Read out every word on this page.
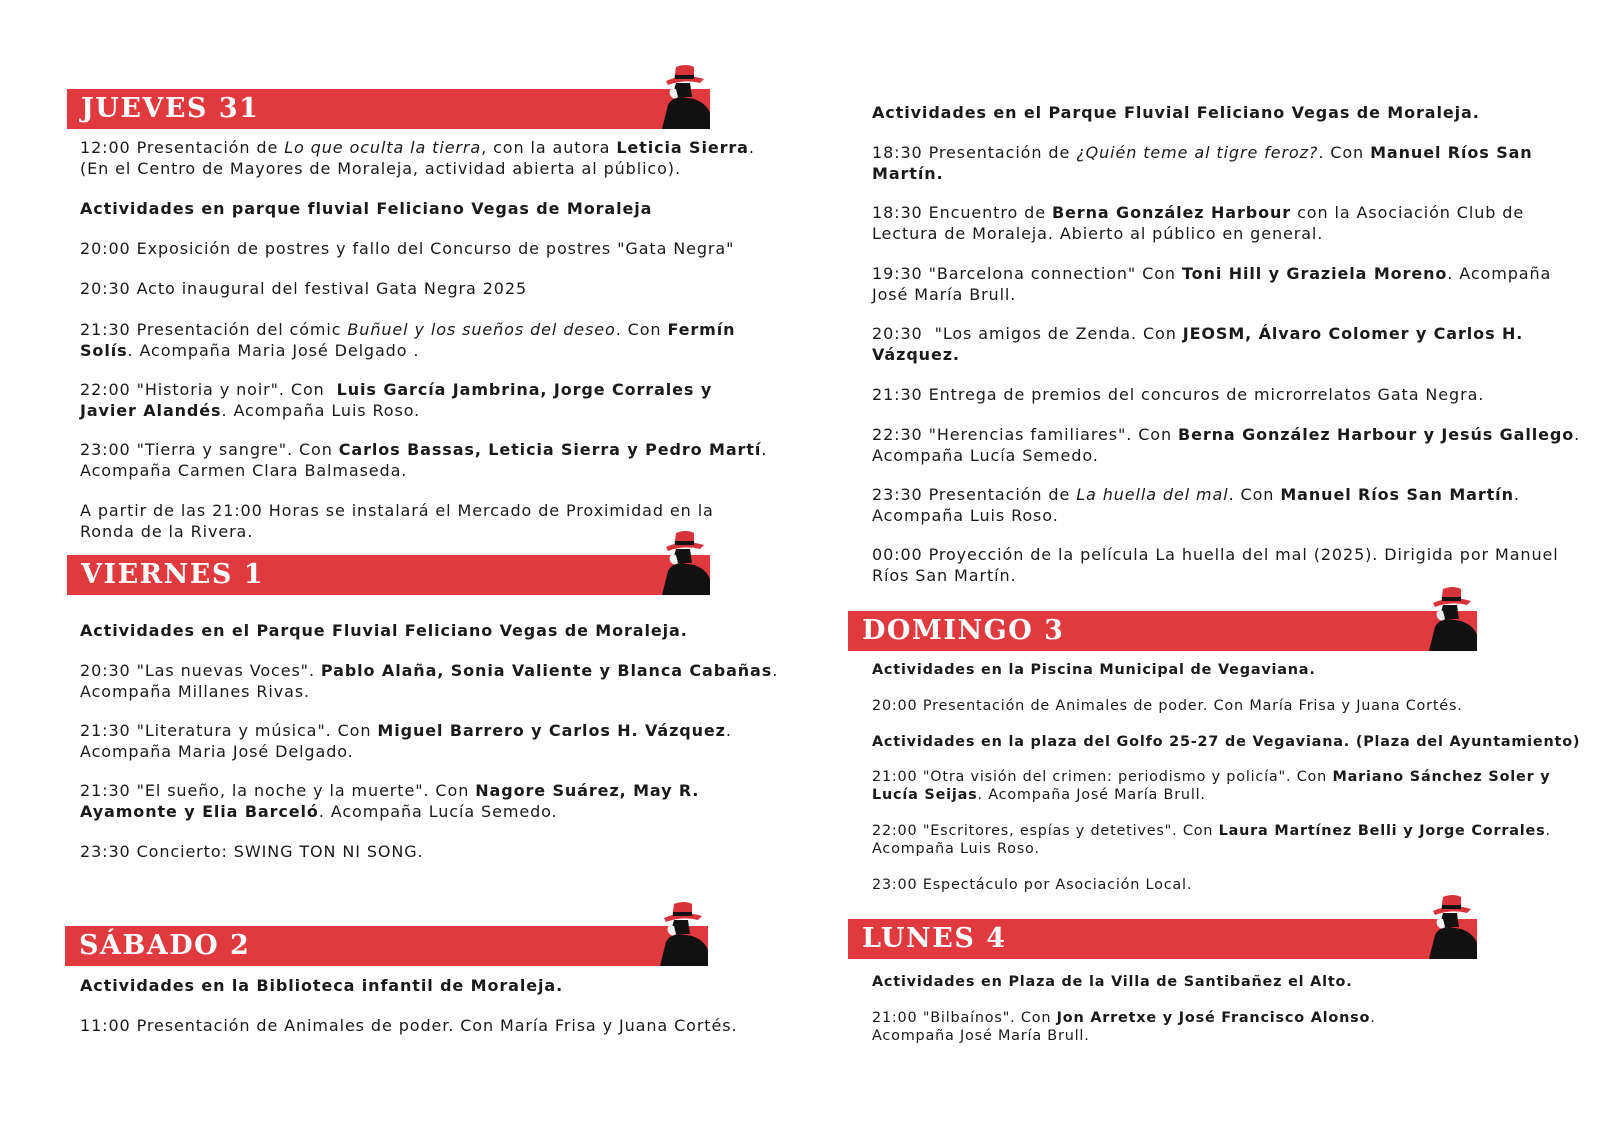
JUEVES 31

12:00 Presentación de Lo que oculta la tierra, con la autora Leticia Sierra.
(En el Centro de Mayores de Moraleja, actividad abierta al público).

Actividades en parque fluvial Feliciano Vegas de Moraleja

20:00 Exposición de postres y fallo del Concurso de postres "Gata Negra"

20:30 Acto inaugural del festival Gata Negra 2025

21:30 Presentación del cómic Buñuel y los sueños del deseo. Con Fermín
Solís. Acompaña Maria José Delgado .

22:00 "Historia y noir". Con  Luis García Jambrina, Jorge Corrales y
Javier Alandés. Acompaña Luis Roso.

23:00 "Tierra y sangre". Con Carlos Bassas, Leticia Sierra y Pedro Martí.
Acompaña Carmen Clara Balmaseda.

A partir de las 21:00 Horas se instalará el Mercado de Proximidad en la
Ronda de la Rivera.

VIERNES 1

Actividades en el Parque Fluvial Feliciano Vegas de Moraleja.

20:30 "Las nuevas Voces". Pablo Alaña, Sonia Valiente y Blanca Cabañas.
Acompaña Millanes Rivas.

21:30 "Literatura y música". Con Miguel Barrero y Carlos H. Vázquez.
Acompaña Maria José Delgado.

21:30 "El sueño, la noche y la muerte". Con Nagore Suárez, May R.
Ayamonte y Elia Barceló. Acompaña Lucía Semedo.

23:30 Concierto: SWING TON NI SONG.

SÁBADO 2

Actividades en la Biblioteca infantil de Moraleja.

11:00 Presentación de Animales de poder. Con María Frisa y Juana Cortés.

Actividades en el Parque Fluvial Feliciano Vegas de Moraleja.

18:30 Presentación de ¿Quién teme al tigre feroz?. Con Manuel Ríos San
Martín.

18:30 Encuentro de Berna González Harbour con la Asociación Club de
Lectura de Moraleja. Abierto al público en general.

19:30 "Barcelona connection" Con Toni Hill y Graziela Moreno. Acompaña
José María Brull.

20:30  "Los amigos de Zenda. Con JEOSM, Álvaro Colomer y Carlos H.
Vázquez.

21:30 Entrega de premios del concuros de microrrelatos Gata Negra.

22:30 "Herencias familiares". Con Berna González Harbour y Jesús Gallego.
Acompaña Lucía Semedo.

23:30 Presentación de La huella del mal. Con Manuel Ríos San Martín.
Acompaña Luis Roso.

00:00 Proyección de la película La huella del mal (2025). Dirigida por Manuel
Ríos San Martín.

DOMINGO 3

Actividades en la Piscina Municipal de Vegaviana.

20:00 Presentación de Animales de poder. Con María Frisa y Juana Cortés.

Actividades en la plaza del Golfo 25-27 de Vegaviana. (Plaza del Ayuntamiento)

21:00 "Otra visión del crimen: periodismo y policía". Con Mariano Sánchez Soler y
Lucía Seijas. Acompaña José María Brull.

22:00 "Escritores, espías y detetives". Con Laura Martínez Belli y Jorge Corrales.
Acompaña Luis Roso.

23:00 Espectáculo por Asociación Local.

LUNES 4

Actividades en Plaza de la Villa de Santibañez el Alto.

21:00 "Bilbaínos". Con Jon Arretxe y José Francisco Alonso.
Acompaña José María Brull.
